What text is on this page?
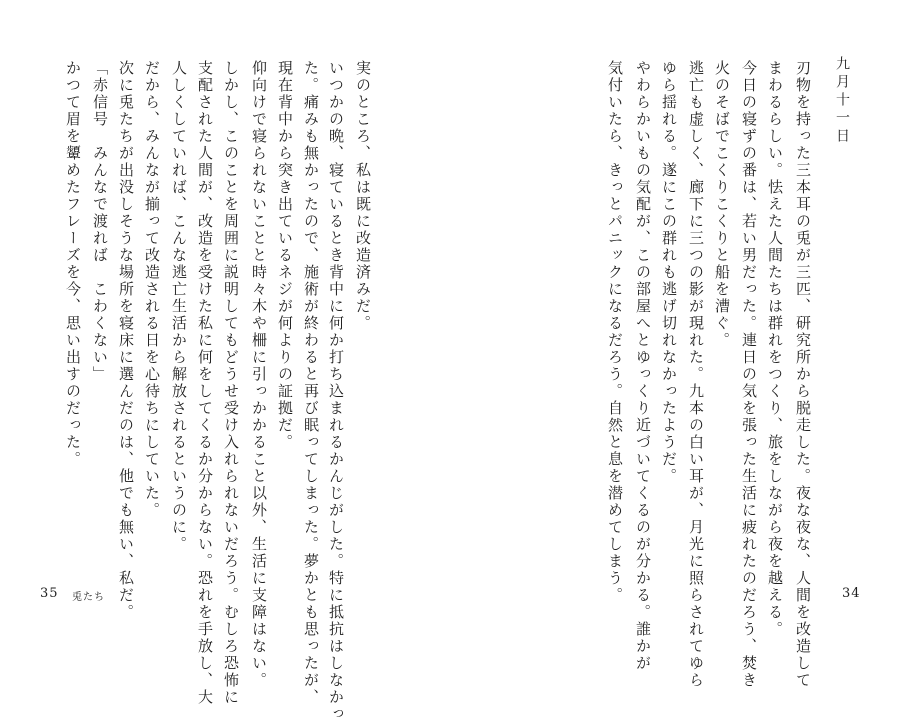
九月十一日
刃物を持った三本耳の兎が三匹、研究所から脱走した。夜な夜な、人間を改造して
まわるらしい。怯えた人間たちは群れをつくり、旅をしながら夜を越える。
今日の寝ずの番は、若い男だった。連日の気を張った生活に疲れたのだろう、焚き
火のそばでこくりこくりと船を漕ぐ。
逃亡も虚しく、廊下に三つの影が現れた。九本の白い耳が、月光に照らされてゆら
ゆら揺れる。遂にこの群れも逃げ切れなかったようだ。
やわらかいもの気配が、この部屋へとゆっくり近づいてくるのが分かる。誰かが
気付いたら、きっとパニックになるだろう。自然と息を潜めてしまう。	34
実のところ、私は既に改造済みだ。
いつかの晩、寝ているとき背中に何か打ち込まれるかんじがした。特に抵抗はしなかっ
た。痛みも無かったので、施術が終わると再び眠ってしまった。夢かとも思ったが、
現在背中から突き出ているネジが何よりの証拠だ。
仰向けで寝られないことと時々木や柵に引っかかること以外、生活に支障はない。
しかし、このことを周囲に説明してもどうせ受け入れられないだろう。むしろ恐怖に
支配された人間が、改造を受けた私に何をしてくるか分からない。恐れを手放し、大
人しくしていれば、こんな逃亡生活から解放されるというのに。
だから、みんなが揃って改造される日を心待ちにしていた。
次に兎たちが出没しそうな場所を寝床に選んだのは、他でも無い、私だ。
「赤信号　みんなで渡れば　こわくない」
かつて眉を顰めたフレーズを今、思い出すのだった。
35 兎たち
